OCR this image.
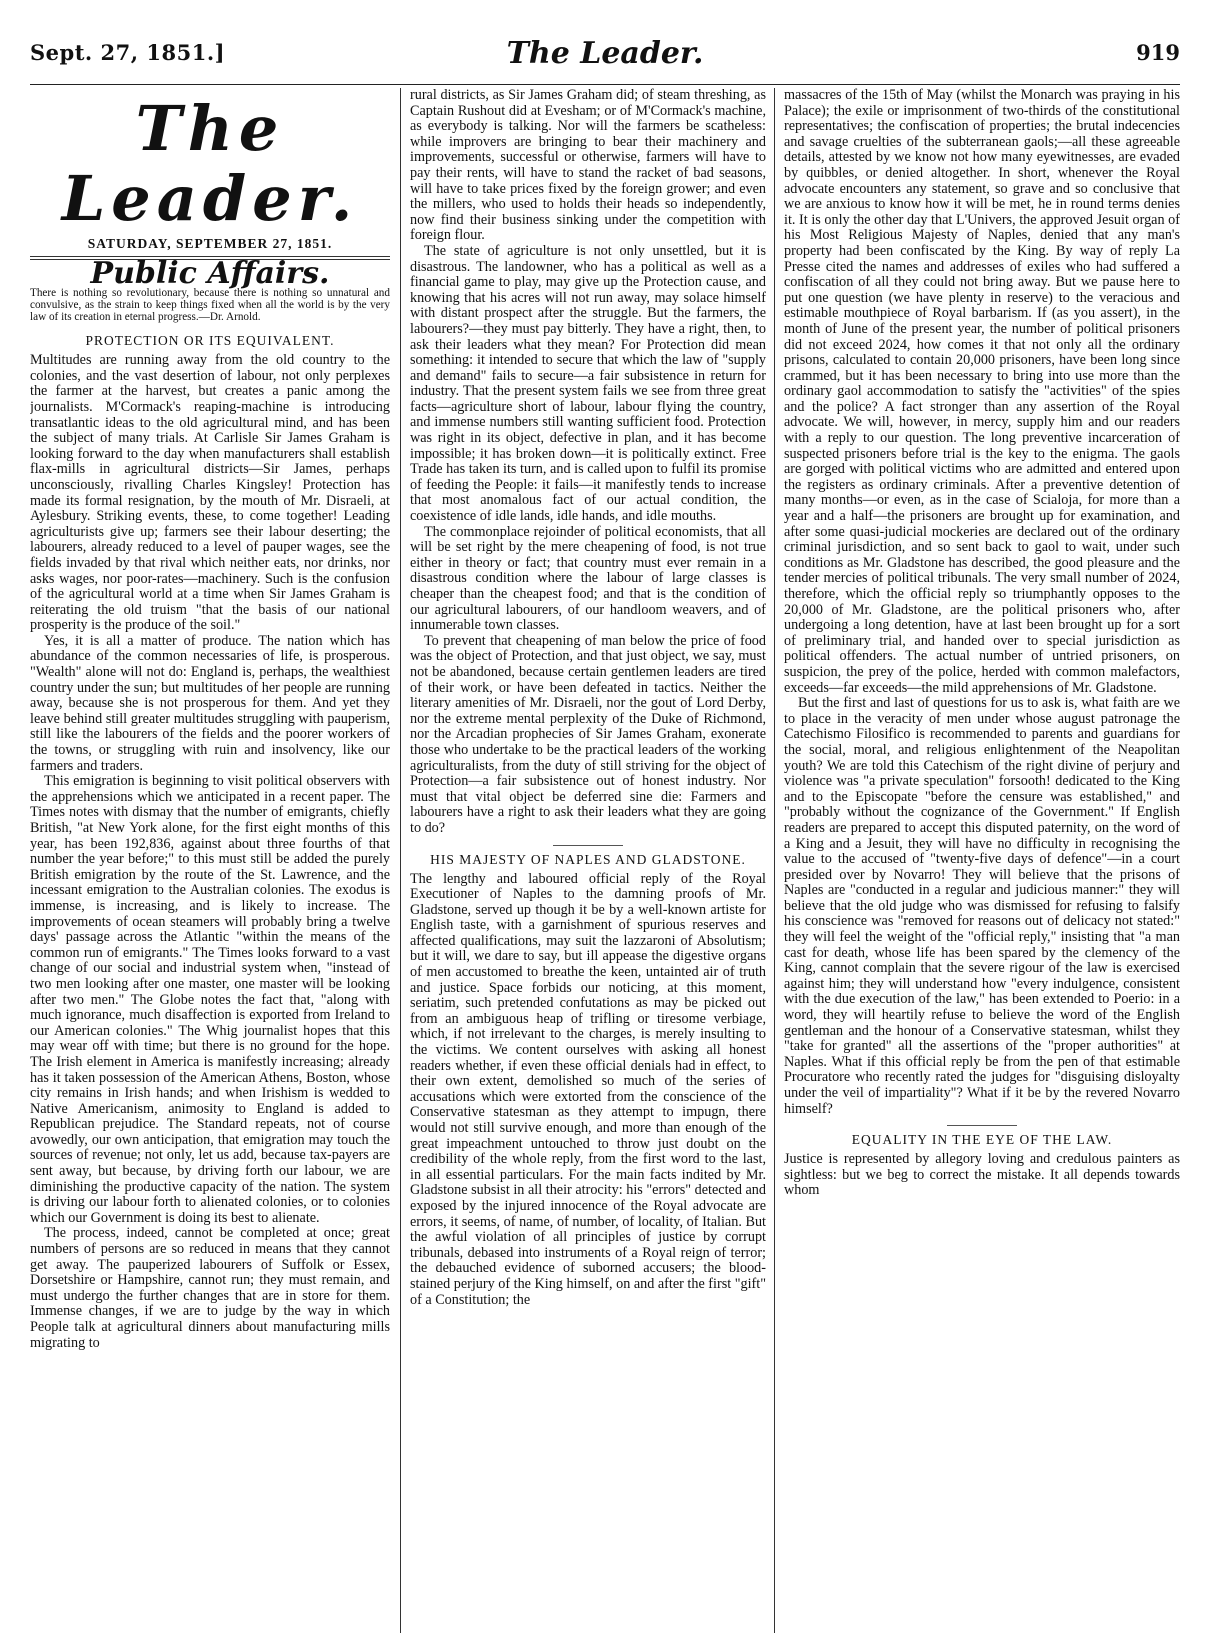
Sept. 27, 1851.]	The Leader.	919
The Leader.
SATURDAY, SEPTEMBER 27, 1851.
Public Affairs.
There is nothing so revolutionary, because there is nothing so unnatural and convulsive, as the strain to keep things fixed when all the world is by the very law of its creation in eternal progress.—Dr. Arnold.
PROTECTION OR ITS EQUIVALENT.

Multitudes are running away from the old country to the colonies, and the vast desertion of labour, not only perplexes the farmer at the harvest, but creates a panic among the journalists. M'Cormack's reaping-machine is introducing transatlantic ideas to the old agricultural mind, and has been the subject of many trials. At Carlisle Sir James Graham is looking forward to the day when manufacturers shall establish flax-mills in agricultural districts—Sir James, perhaps unconsciously, rivalling Charles Kingsley! Protection has made its formal resignation, by the mouth of Mr. Disraeli, at Aylesbury. Striking events, these, to come together! Leading agriculturists give up; farmers see their labour deserting; the labourers, already reduced to a level of pauper wages, see the fields invaded by that rival which neither eats, nor drinks, nor asks wages, nor poor-rates—machinery. Such is the confusion of the agricultural world at a time when Sir James Graham is reiterating the old truism "that the basis of our national prosperity is the produce of the soil."

Yes, it is all a matter of produce. The nation which has abundance of the common necessaries of life, is prosperous. "Wealth" alone will not do: England is, perhaps, the wealthiest country under the sun; but multitudes of her people are running away, because she is not prosperous for them. And yet they leave behind still greater multitudes struggling with pauperism, still like the labourers of the fields and the poorer workers of the towns, or struggling with ruin and insolvency, like our farmers and traders.

This emigration is beginning to visit political observers with the apprehensions which we anticipated in a recent paper. The Times notes with dismay that the number of emigrants, chiefly British, "at New York alone, for the first eight months of this year, has been 192,836, against about three fourths of that number the year before;" to this must still be added the purely British emigration by the route of the St. Lawrence, and the incessant emigration to the Australian colonies. The exodus is immense, is increasing, and is likely to increase. The improvements of ocean steamers will probably bring a twelve days' passage across the Atlantic "within the means of the common run of emigrants." The Times looks forward to a vast change of our social and industrial system when, "instead of two men looking after one master, one master will be looking after two men." The Globe notes the fact that, "along with much ignorance, much disaffection is exported from Ireland to our American colonies." The Whig journalist hopes that this may wear off with time; but there is no ground for the hope. The Irish element in America is manifestly increasing; already has it taken possession of the American Athens, Boston, whose city remains in Irish hands; and when Irishism is wedded to Native Americanism, animosity to England is added to Republican prejudice. The Standard repeats, not of course avowedly, our own anticipation, that emigration may touch the sources of revenue; not only, let us add, because tax-payers are sent away, but because, by driving forth our labour, we are diminishing the productive capacity of the nation. The system is driving our labour forth to alienated colonies, or to colonies which our Government is doing its best to alienate.

The process, indeed, cannot be completed at once; great numbers of persons are so reduced in means that they cannot get away. The pauperized labourers of Suffolk or Essex, Dorsetshire or Hampshire, cannot run; they must remain, and must undergo the further changes that are in store for them. Immense changes, if we are to judge by the way in which People talk at agricultural dinners about manufacturing mills migrating to

rural districts, as Sir James Graham did; of steam threshing, as Captain Rushout did at Evesham; or of M'Cormack's machine, as everybody is talking. Nor will the farmers be scatheless: while improvers are bringing to bear their machinery and improvements, successful or otherwise, farmers will have to pay their rents, will have to stand the racket of bad seasons, will have to take prices fixed by the foreign grower; and even the millers, who used to holds their heads so independently, now find their business sinking under the competition with foreign flour.

The state of agriculture is not only unsettled, but it is disastrous. The landowner, who has a political as well as a financial game to play, may give up the Protection cause, and knowing that his acres will not run away, may solace himself with distant prospect after the struggle. But the farmers, the labourers?—they must pay bitterly. They have a right, then, to ask their leaders what they mean? For Protection did mean something: it intended to secure that which the law of "supply and demand" fails to secure—a fair subsistence in return for industry. That the present system fails we see from three great facts—agriculture short of labour, labour flying the country, and immense numbers still wanting sufficient food. Protection was right in its object, defective in plan, and it has become impossible; it has broken down—it is politically extinct. Free Trade has taken its turn, and is called upon to fulfil its promise of feeding the People: it fails—it manifestly tends to increase that most anomalous fact of our actual condition, the coexistence of idle lands, idle hands, and idle mouths.

The commonplace rejoinder of political economists, that all will be set right by the mere cheapening of food, is not true either in theory or fact; that country must ever remain in a disastrous condition where the labour of large classes is cheaper than the cheapest food; and that is the condition of our agricultural labourers, of our handloom weavers, and of innumerable town classes.

To prevent that cheapening of man below the price of food was the object of Protection, and that just object, we say, must not be abandoned, because certain gentlemen leaders are tired of their work, or have been defeated in tactics. Neither the literary amenities of Mr. Disraeli, nor the gout of Lord Derby, nor the extreme mental perplexity of the Duke of Richmond, nor the Arcadian prophecies of Sir James Graham, exonerate those who undertake to be the practical leaders of the working agriculturalists, from the duty of still striving for the object of Protection—a fair subsistence out of honest industry. Nor must that vital object be deferred sine die: Farmers and labourers have a right to ask their leaders what they are going to do?

HIS MAJESTY OF NAPLES AND GLADSTONE.

The lengthy and laboured official reply of the Royal Executioner of Naples to the damning proofs of Mr. Gladstone, served up though it be by a well-known artiste for English taste, with a garnishment of spurious reserves and affected qualifications, may suit the lazzaroni of Absolutism; but it will, we dare to say, but ill appease the digestive organs of men accustomed to breathe the keen, untainted air of truth and justice. Space forbids our noticing, at this moment, seriatim, such pretended confutations as may be picked out from an ambiguous heap of trifling or tiresome verbiage, which, if not irrelevant to the charges, is merely insulting to the victims. We content ourselves with asking all honest readers whether, if even these official denials had in effect, to their own extent, demolished so much of the series of accusations which were extorted from the conscience of the Conservative statesman as they attempt to impugn, there would not still survive enough, and more than enough of the great impeachment untouched to throw just doubt on the credibility of the whole reply, from the first word to the last, in all essential particulars. For the main facts indited by Mr. Gladstone subsist in all their atrocity: his "errors" detected and exposed by the injured innocence of the Royal advocate are errors, it seems, of name, of number, of locality, of Italian. But the awful violation of all principles of justice by corrupt tribunals, debased into instruments of a Royal reign of terror; the debauched evidence of suborned accusers; the blood-stained perjury of the King himself, on and after the first "gift" of a Constitution; the

massacres of the 15th of May (whilst the Monarch was praying in his Palace); the exile or imprisonment of two-thirds of the constitutional representatives; the confiscation of properties; the brutal indecencies and savage cruelties of the subterranean gaols;—all these agreeable details, attested by we know not how many eyewitnesses, are evaded by quibbles, or denied altogether. In short, whenever the Royal advocate encounters any statement, so grave and so conclusive that we are anxious to know how it will be met, he in round terms denies it. It is only the other day that L'Univers, the approved Jesuit organ of his Most Religious Majesty of Naples, denied that any man's property had been confiscated by the King. By way of reply La Presse cited the names and addresses of exiles who had suffered a confiscation of all they could not bring away. But we pause here to put one question (we have plenty in reserve) to the veracious and estimable mouthpiece of Royal barbarism. If (as you assert), in the month of June of the present year, the number of political prisoners did not exceed 2024, how comes it that not only all the ordinary prisons, calculated to contain 20,000 prisoners, have been long since crammed, but it has been necessary to bring into use more than the ordinary gaol accommodation to satisfy the "activities" of the spies and the police? A fact stronger than any assertion of the Royal advocate. We will, however, in mercy, supply him and our readers with a reply to our question. The long preventive incarceration of suspected prisoners before trial is the key to the enigma. The gaols are gorged with political victims who are admitted and entered upon the registers as ordinary criminals. After a preventive detention of many months—or even, as in the case of Scialoja, for more than a year and a half—the prisoners are brought up for examination, and after some quasi-judicial mockeries are declared out of the ordinary criminal jurisdiction, and so sent back to gaol to wait, under such conditions as Mr. Gladstone has described, the good pleasure and the tender mercies of political tribunals. The very small number of 2024, therefore, which the official reply so triumphantly opposes to the 20,000 of Mr. Gladstone, are the political prisoners who, after undergoing a long detention, have at last been brought up for a sort of preliminary trial, and handed over to special jurisdiction as political offenders. The actual number of untried prisoners, on suspicion, the prey of the police, herded with common malefactors, exceeds—far exceeds—the mild apprehensions of Mr. Gladstone.

But the first and last of questions for us to ask is, what faith are we to place in the veracity of men under whose august patronage the Catechismo Filosifico is recommended to parents and guardians for the social, moral, and religious enlightenment of the Neapolitan youth? We are told this Catechism of the right divine of perjury and violence was "a private speculation" forsooth! dedicated to the King and to the Episcopate "before the censure was established," and "probably without the cognizance of the Government." If English readers are prepared to accept this disputed paternity, on the word of a King and a Jesuit, they will have no difficulty in recognising the value to the accused of "twenty-five days of defence"—in a court presided over by Novarro! They will believe that the prisons of Naples are "conducted in a regular and judicious manner:" they will believe that the old judge who was dismissed for refusing to falsify his conscience was "removed for reasons out of delicacy not stated:" they will feel the weight of the "official reply," insisting that "a man cast for death, whose life has been spared by the clemency of the King, cannot complain that the severe rigour of the law is exercised against him; they will understand how "every indulgence, consistent with the due execution of the law," has been extended to Poerio: in a word, they will heartily refuse to believe the word of the English gentleman and the honour of a Conservative statesman, whilst they "take for granted" all the assertions of the "proper authorities" at Naples. What if this official reply be from the pen of that estimable Procuratore who recently rated the judges for "disguising disloyalty under the veil of impartiality"? What if it be by the revered Novarro himself?

EQUALITY IN THE EYE OF THE LAW.

Justice is represented by allegory loving and credulous painters as sightless: but we beg to correct the mistake. It all depends towards whom
